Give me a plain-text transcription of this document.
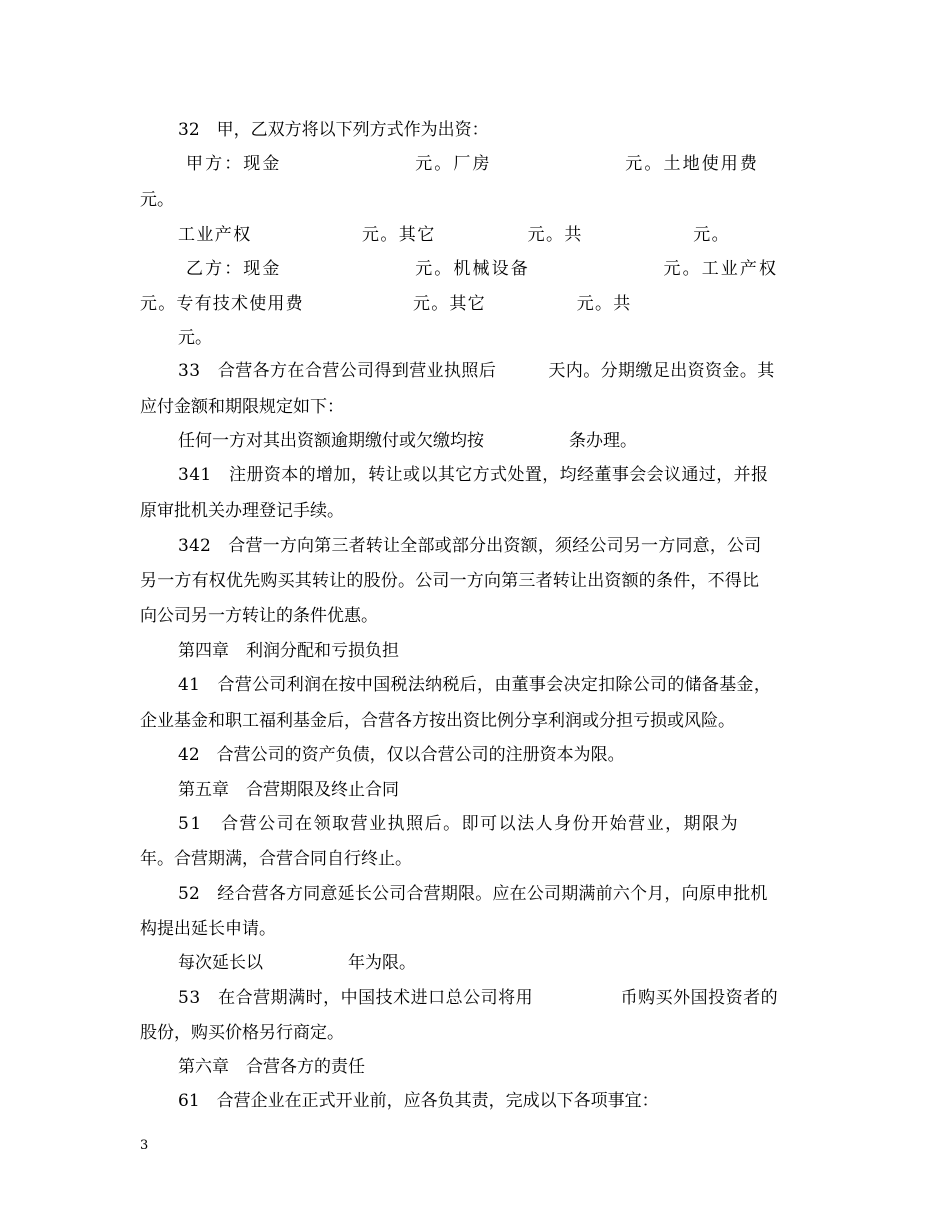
32　甲，乙双方将以下列方式作为出资：
甲方：现金　　　　　　　元。厂房　　　　　　　元。土地使用费
元。
工业产权　　　　　　元。其它　　　　　元。共　　　　　　元。
乙方：现金　　　　　　　元。机械设备　　　　　　　元。工业产权
元。专有技术使用费　　　　　　元。其它　　　　　元。共
元。
33　合营各方在合营公司得到营业执照后　　　天内。分期缴足出资资金。其
应付金额和期限规定如下：
任何一方对其出资额逾期缴付或欠缴均按　　　　　条办理。
341　注册资本的增加，转让或以其它方式处置，均经董事会会议通过，并报
原审批机关办理登记手续。
342　合营一方向第三者转让全部或部分出资额，须经公司另一方同意，公司
另一方有权优先购买其转让的股份。公司一方向第三者转让出资额的条件，不得比
向公司另一方转让的条件优惠。
第四章　利润分配和亏损负担
41　合营公司利润在按中国税法纳税后，由董事会决定扣除公司的储备基金，
企业基金和职工福利基金后，合营各方按出资比例分享利润或分担亏损或风险。
42　合营公司的资产负债，仅以合营公司的注册资本为限。
第五章　合营期限及终止合同
51　合营公司在领取营业执照后。即可以法人身份开始营业，期限为
年。合营期满，合营合同自行终止。
52　经合营各方同意延长公司合营期限。应在公司期满前六个月，向原申批机
构提出延长申请。
每次延长以　　　　　年为限。
53　在合营期满时，中国技术进口总公司将用　　　　　币购买外国投资者的
股份，购买价格另行商定。
第六章　合营各方的责任
61　合营企业在正式开业前，应各负其责，完成以下各项事宜：
3
